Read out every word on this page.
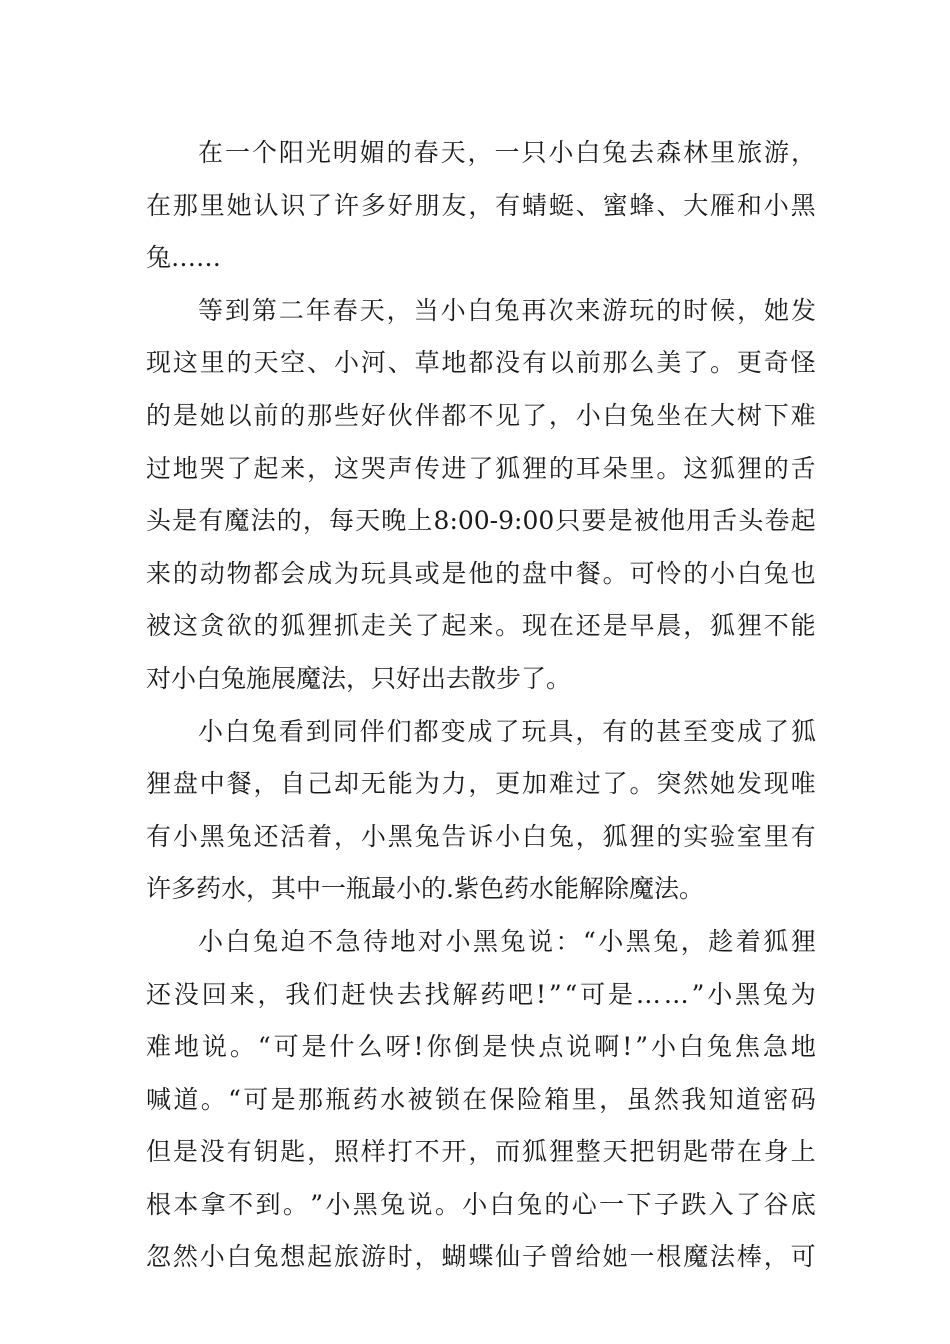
在 一 个 阳 光 明 媚 的 春 天 ， 一 只 小 白 兔 去 森 林 里 旅 游 ，
在 那 里 她 认 识 了 许 多 好 朋 友 ， 有 蜻 蜓 、 蜜 蜂 、 大 雁 和 小 黑
兔……
等 到 第 二 年 春 天 ， 当 小 白 兔 再 次 来 游 玩 的 时 候 ， 她 发
现 这 里 的 天 空 、 小 河 、 草 地 都 没 有 以 前 那 么 美 了 。 更 奇 怪
的 是 她 以 前 的 那 些 好 伙 伴 都 不 见 了 ， 小 白 兔 坐 在 大 树 下 难
过 地 哭 了 起 来 ， 这 哭 声 传 进 了 狐 狸 的 耳 朵 里 。 这 狐 狸 的 舌
头 是 有 魔 法 的 ， 每 天 晚 上 8:00-9:00 只 要 是 被 他 用 舌 头 卷 起
来 的 动 物 都 会 成 为 玩 具 或 是 他 的 盘 中 餐 。 可 怜 的 小 白 兔 也
被 这 贪 欲 的 狐 狸 抓 走 关 了 起 来 。 现 在 还 是 早 晨 ， 狐 狸 不 能
对小白兔施展魔法，只好出去散步了。
小 白 兔 看 到 同 伴 们 都 变 成 了 玩 具 ， 有 的 甚 至 变 成 了 狐
狸 盘 中 餐 ， 自 己 却 无 能 为 力 ， 更 加 难 过 了 。 突 然 她 发 现 唯
有 小 黑 兔 还 活 着 ， 小 黑 兔 告 诉 小 白 兔 ， 狐 狸 的 实 验 室 里 有
许多药水，其中一瓶最小的.紫色药水能解除魔法。
小 白 兔 迫 不 急 待 地 对 小 黑 兔 说 ： “ 小 黑 兔 ， 趁 着 狐 狸
还 没 回 来 ， 我 们 赶 快 去 找 解 药 吧 ! ” “ 可 是 … … ” 小 黑 兔 为
难 地 说 。 “ 可 是 什 么 呀 ! 你 倒 是 快 点 说 啊 ! ” 小 白 兔 焦 急 地
喊 道 。 “ 可 是 那 瓶 药 水 被 锁 在 保 险 箱 里 ， 虽 然 我 知 道 密 码
但 是 没 有 钥 匙 ， 照 样 打 不 开 ， 而 狐 狸 整 天 把 钥 匙 带 在 身 上
根 本 拿 不 到 。 ” 小 黑 兔 说 。 小 白 兔 的 心 一 下 子 跌 入 了 谷 底
忽 然 小 白 兔 想 起 旅 游 时 ， 蝴 蝶 仙 子 曾 给 她 一 根 魔 法 棒 ， 可
